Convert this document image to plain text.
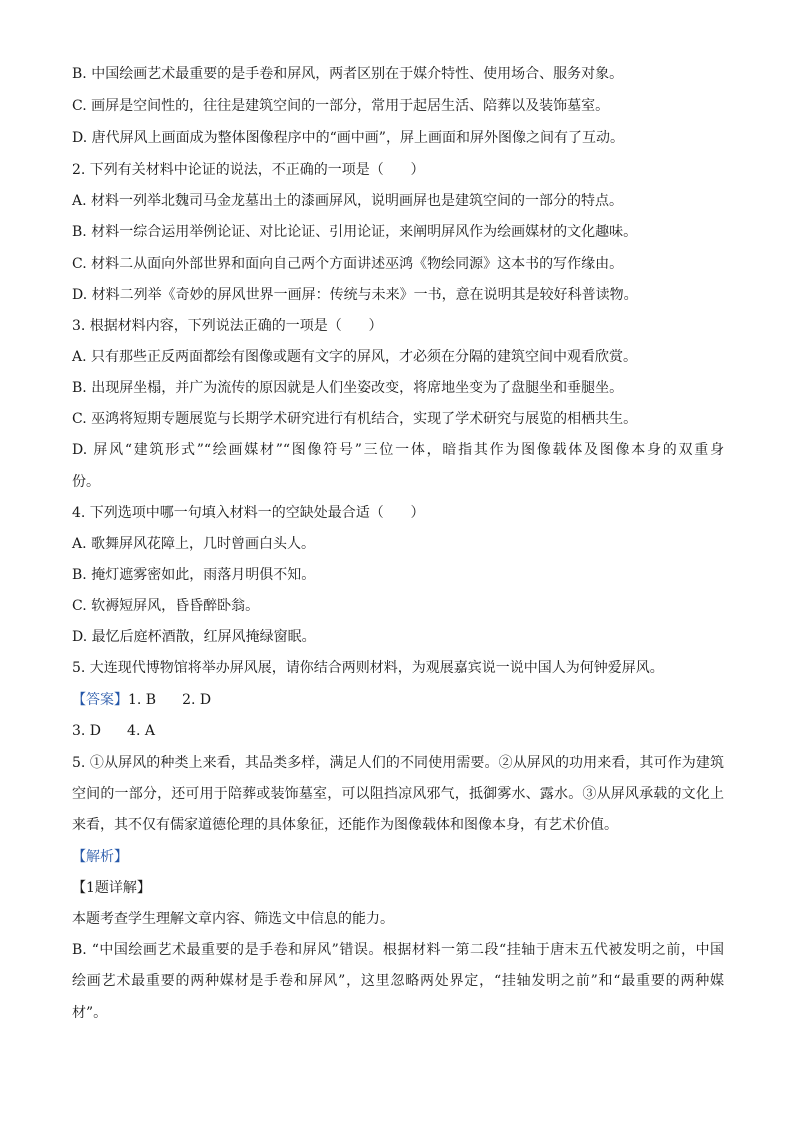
B. 中国绘画艺术最重要的是手卷和屏风，两者区别在于媒介特性、使用场合、服务对象。
C. 画屏是空间性的，往往是建筑空间的一部分，常用于起居生活、陪葬以及装饰墓室。
D. 唐代屏风上画面成为整体图像程序中的“画中画”，屏上画面和屏外图像之间有了互动。
2. 下列有关材料中论证的说法，不正确的一项是（      ）
A. 材料一列举北魏司马金龙墓出土的漆画屏风，说明画屏也是建筑空间的一部分的特点。
B. 材料一综合运用举例论证、对比论证、引用论证，来阐明屏风作为绘画媒材的文化趣味。
C. 材料二从面向外部世界和面向自己两个方面讲述巫鸿《物绘同源》这本书的写作缘由。
D. 材料二列举《奇妙的屏风世界一画屏：传统与未来》一书，意在说明其是较好科普读物。
3. 根据材料内容，下列说法正确的一项是（      ）
A. 只有那些正反两面都绘有图像或题有文字的屏风，才必须在分隔的建筑空间中观看欣赏。
B. 出现屏坐榻，并广为流传的原因就是人们坐姿改变，将席地坐变为了盘腿坐和垂腿坐。
C. 巫鸿将短期专题展览与长期学术研究进行有机结合，实现了学术研究与展览的相栖共生。
D. 屏风“建筑形式”“绘画媒材”“图像符号”三位一体，暗指其作为图像载体及图像本身的双重身
份。
4. 下列选项中哪一句填入材料一的空缺处最合适（      ）
A. 歌舞屏风花障上，几时曾画白头人。
B. 掩灯遮雾密如此，雨落月明俱不知。
C. 软褥短屏风，昏昏醉卧翁。
D. 最忆后庭杯酒散，红屏风掩绿窗眠。
5. 大连现代博物馆将举办屏风展，请你结合两则材料，为观展嘉宾说一说中国人为何钟爱屏风。
【答案】1. B 2. D
3. D 4. A
5. ①从屏风的种类上来看，其品类多样，满足人们的不同使用需要。②从屏风的功用来看，其可作为建筑
空间的一部分，还可用于陪葬或装饰墓室，可以阻挡凉风邪气，抵御雾水、露水。③从屏风承载的文化上
来看，其不仅有儒家道德伦理的具体象征，还能作为图像载体和图像本身，有艺术价值。
【解析】
【1题详解】
本题考查学生理解文章内容、筛选文中信息的能力。
B. “中国绘画艺术最重要的是手卷和屏风”错误。根据材料一第二段“挂轴于唐末五代被发明之前，中国
绘画艺术最重要的两种媒材是手卷和屏风”，这里忽略两处界定，“挂轴发明之前”和“最重要的两种媒
材”。
